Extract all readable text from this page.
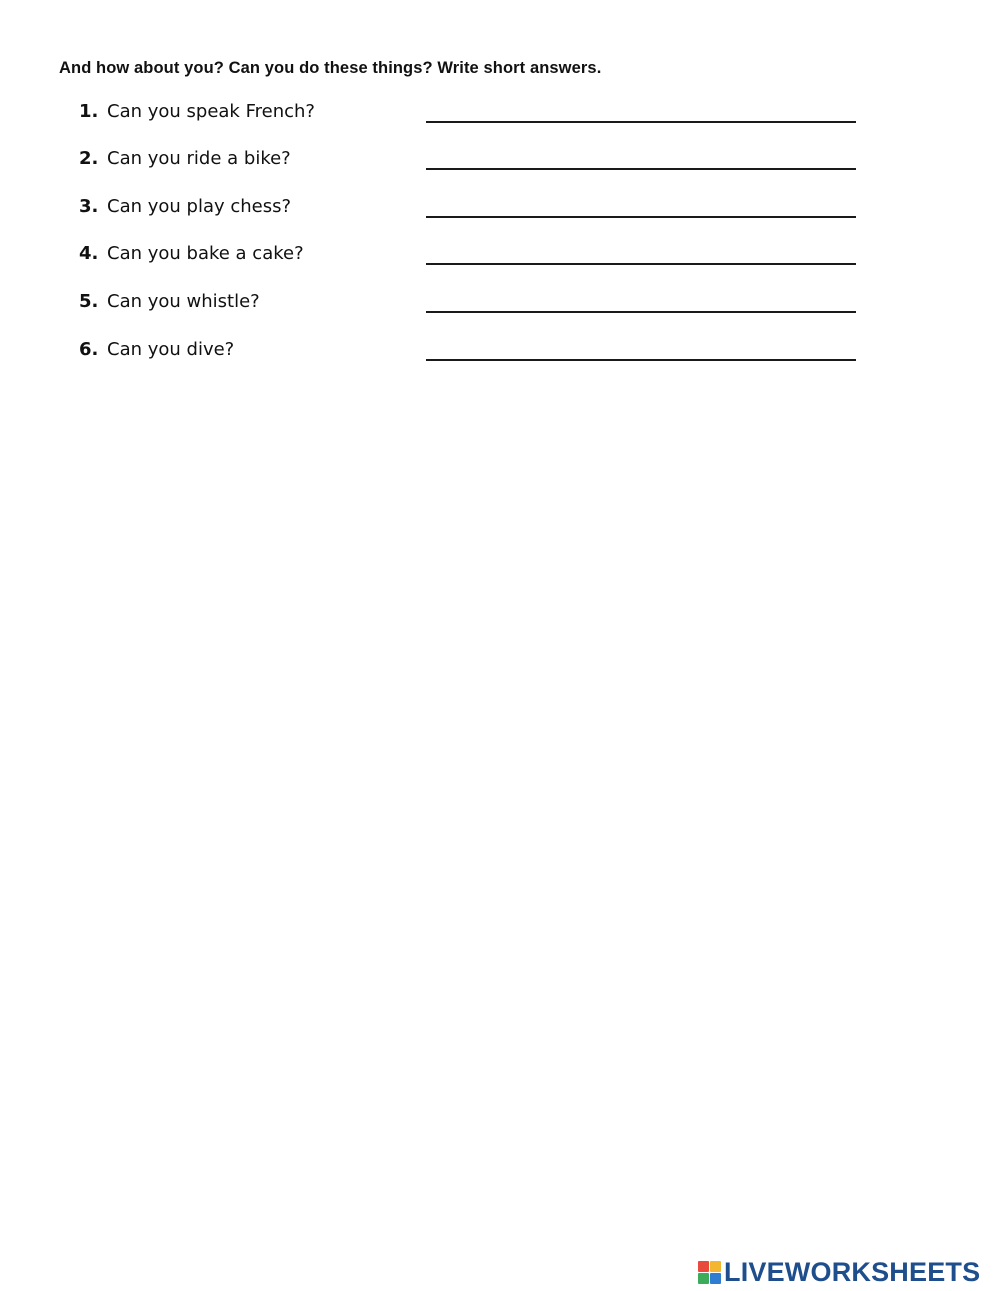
And how about you? Can you do these things? Write short answers.
1. Can you speak French?
2. Can you ride a bike?
3. Can you play chess?
4. Can you bake a cake?
5. Can you whistle?
6. Can you dive?
LIVEWORKSHEETS
